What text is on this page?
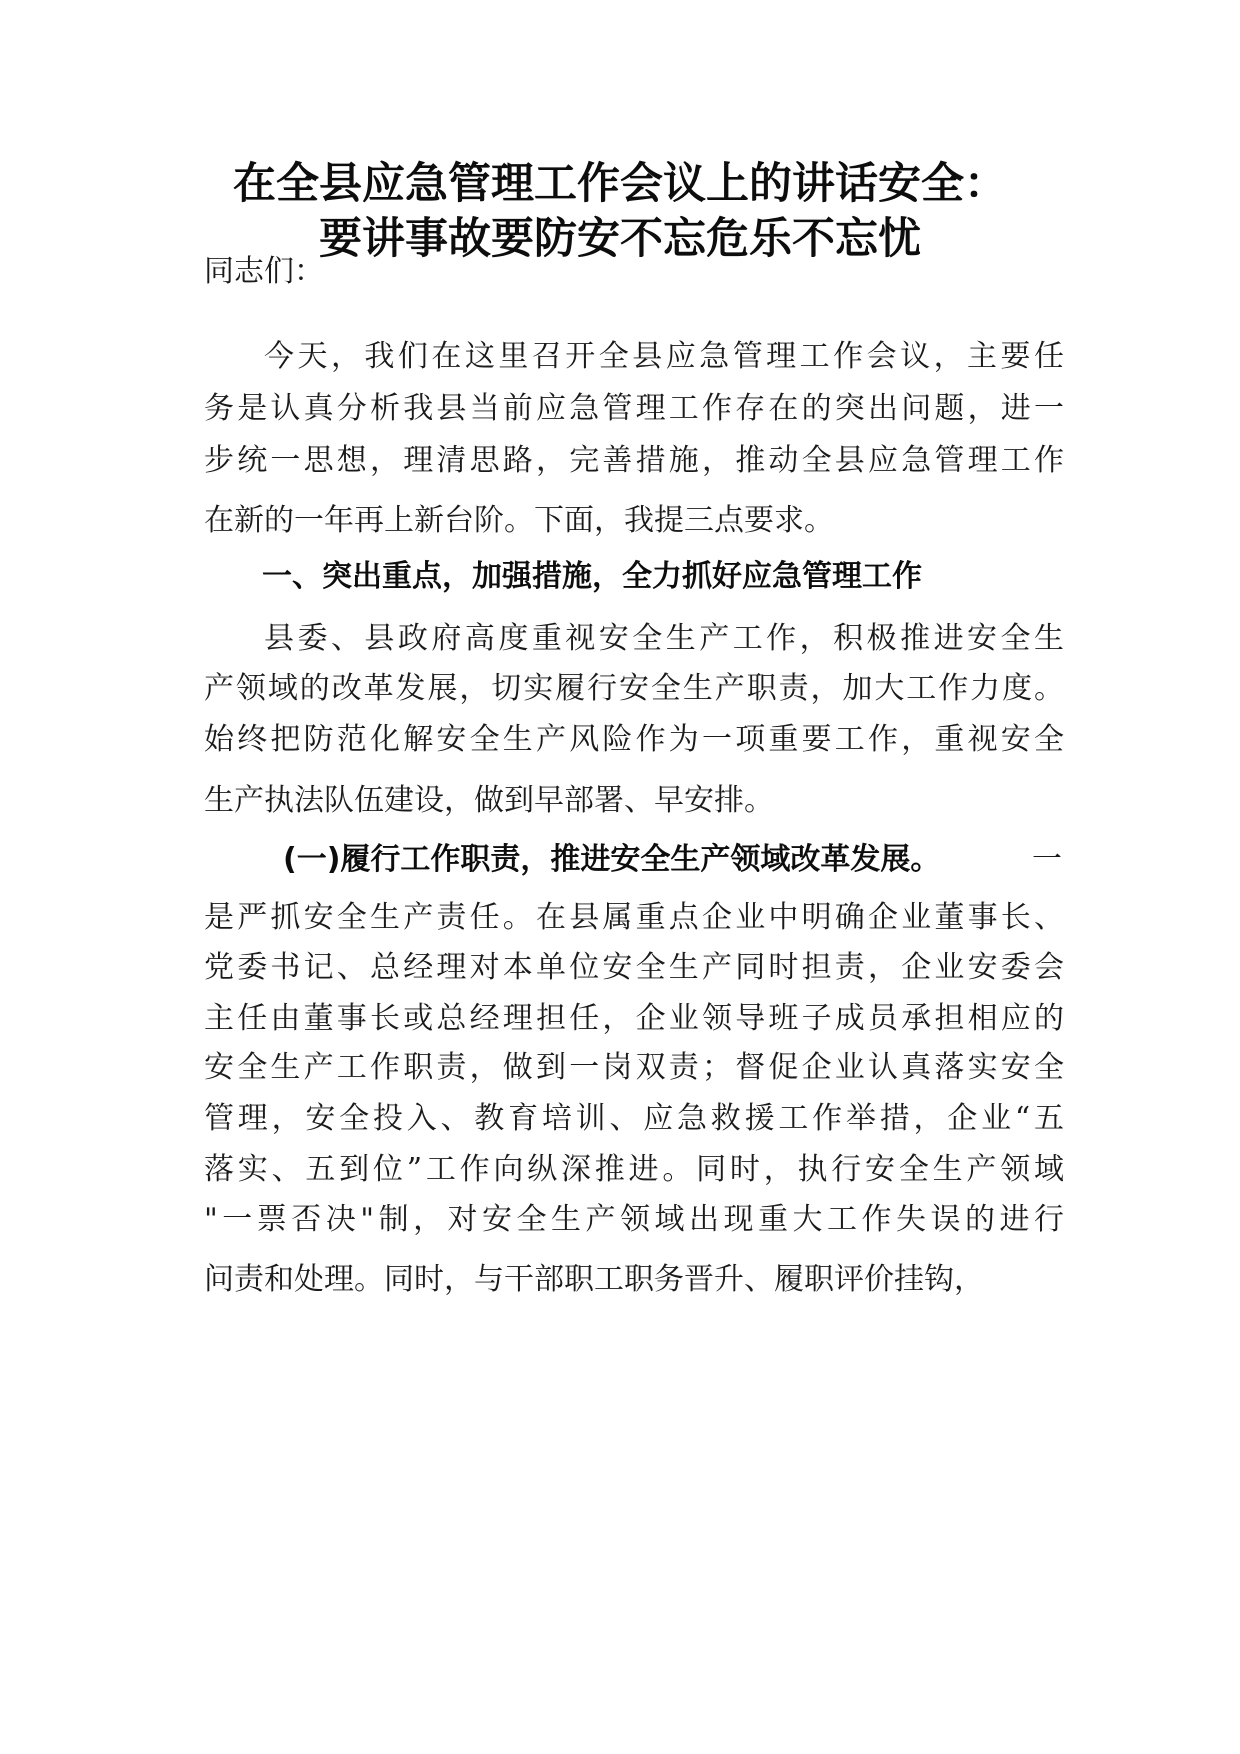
在全县应急管理工作会议上的讲话安全：
要讲事故要防安不忘危乐不忘忧
同志们：
今天，我们在这里召开全县应急管理工作会议，主要任
务是认真分析我县当前应急管理工作存在的突出问题，进一
步统一思想，理清思路，完善措施，推动全县应急管理工作
在新的一年再上新台阶。下面，我提三点要求。
一、突出重点，加强措施，全力抓好应急管理工作
县委、县政府高度重视安全生产工作，积极推进安全生
产领域的改革发展，切实履行安全生产职责，加大工作力度。
始终把防范化解安全生产风险作为一项重要工作，重视安全
生产执法队伍建设，做到早部署、早安排。
(一)履行工作职责，推进安全生产领域改革发展。	一
是严抓安全生产责任。在县属重点企业中明确企业董事长、
党委书记、总经理对本单位安全生产同时担责，企业安委会
主任由董事长或总经理担任，企业领导班子成员承担相应的
安全生产工作职责，做到一岗双责；督促企业认真落实安全
管理，安全投入、教育培训、应急救援工作举措，企业“五
落实、五到位”工作向纵深推进。同时，执行安全生产领域
"一票否决"制，对安全生产领域出现重大工作失误的进行
问责和处理。同时，与干部职工职务晋升、履职评价挂钩，
